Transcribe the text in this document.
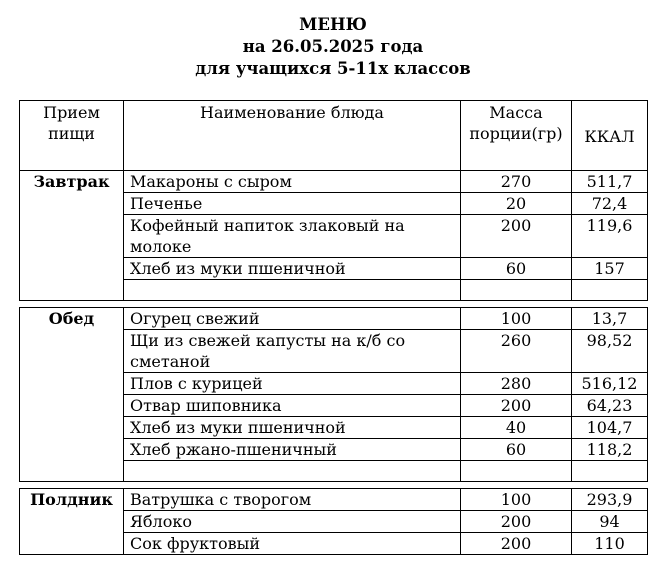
МЕНЮ
на 26.05.2025 года
для учащихся 5-11х классов
Прием пищи	Наименование блюда	Масса порции(гр)	ККАЛ
Завтрак	Макароны с сыром	270	511,7
	Печенье	20	72,4
	Кофейный напиток злаковый на молоке	200	119,6
	Хлеб из муки пшеничной	60	157

Обед	Огурец свежий	100	13,7
	Щи из свежей капусты на к/б со сметаной	260	98,52
	Плов с курицей	280	516,12
	Отвар шиповника	200	64,23
	Хлеб из муки пшеничной	40	104,7
	Хлеб ржано-пшеничный	60	118,2

Полдник	Ватрушка с творогом	100	293,9
	Яблоко	200	94
	Сок фруктовый	200	110
